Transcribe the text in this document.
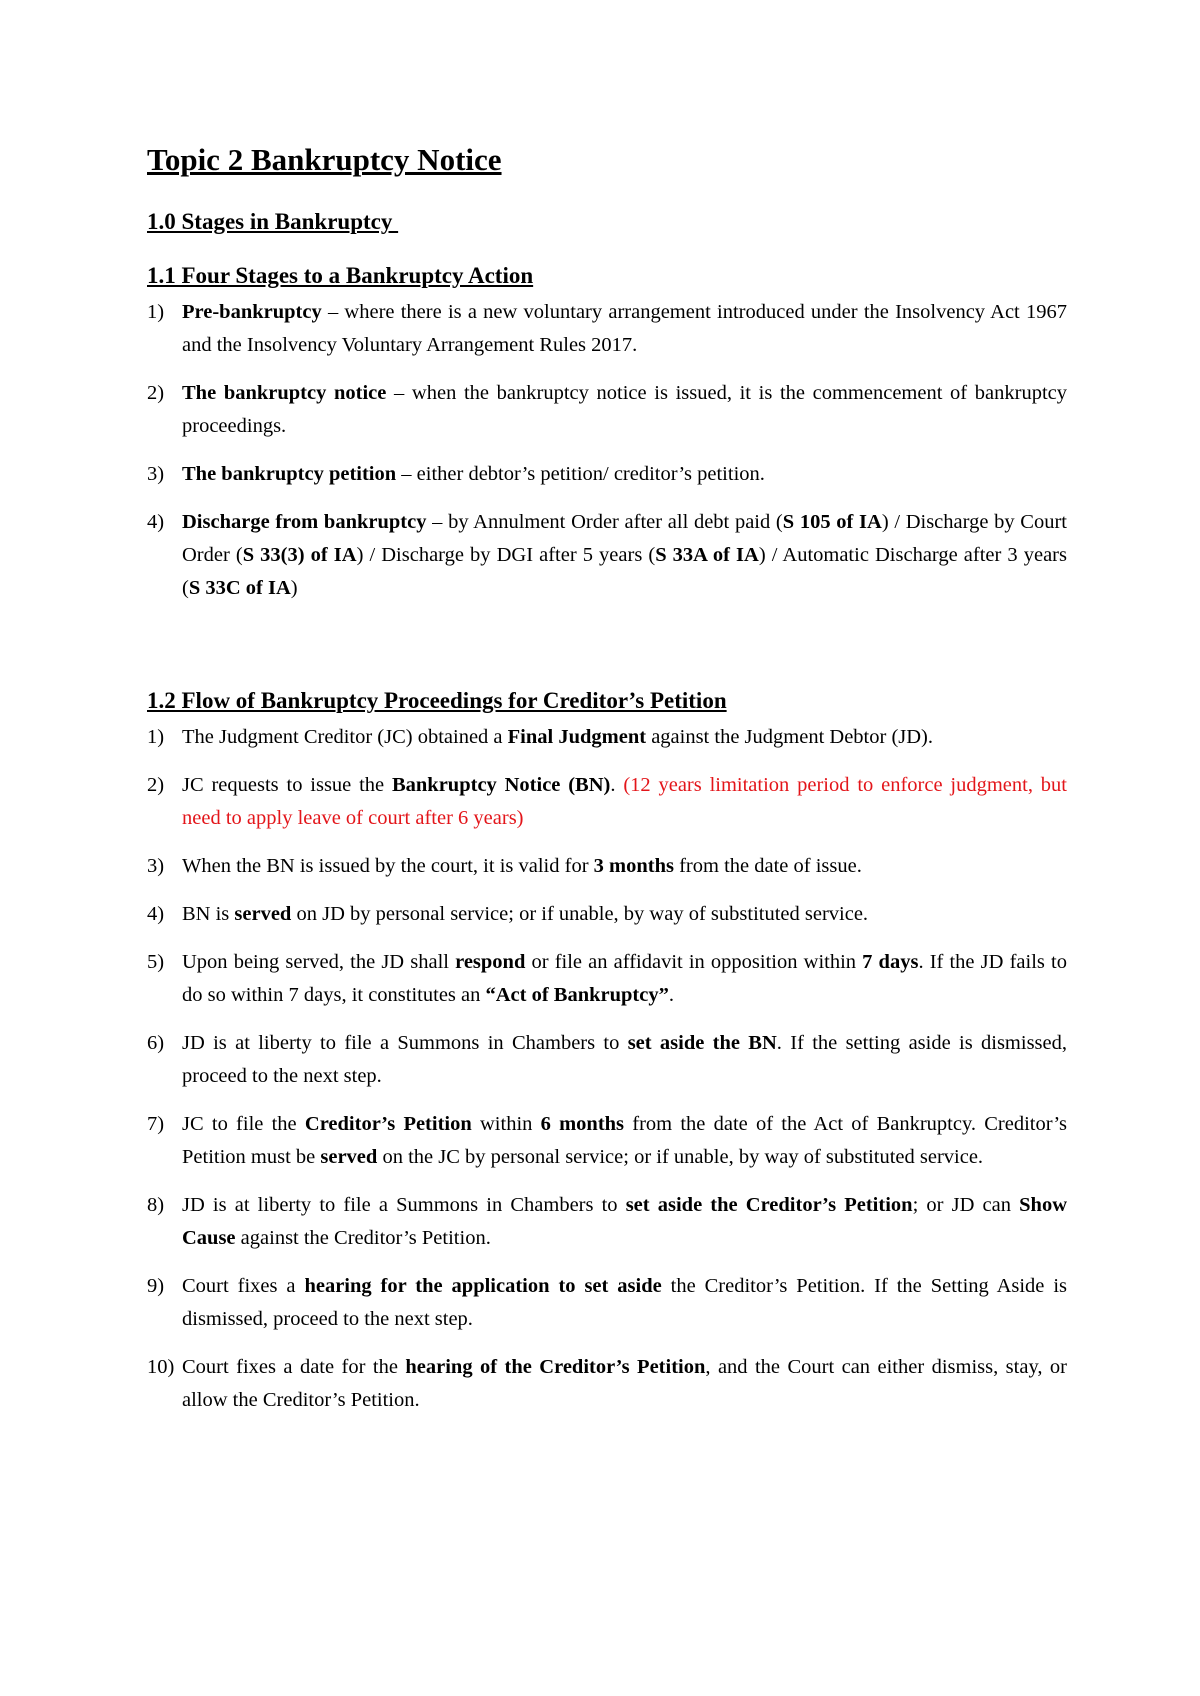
Topic 2 Bankruptcy Notice
1.0 Stages in Bankruptcy
1.1 Four Stages to a Bankruptcy Action
1) Pre-bankruptcy – where there is a new voluntary arrangement introduced under the Insolvency Act 1967 and the Insolvency Voluntary Arrangement Rules 2017.
2) The bankruptcy notice – when the bankruptcy notice is issued, it is the commencement of bankruptcy proceedings.
3) The bankruptcy petition – either debtor’s petition/ creditor’s petition.
4) Discharge from bankruptcy – by Annulment Order after all debt paid (S 105 of IA) / Discharge by Court Order (S 33(3) of IA) / Discharge by DGI after 5 years (S 33A of IA) / Automatic Discharge after 3 years (S 33C of IA)
1.2 Flow of Bankruptcy Proceedings for Creditor’s Petition
1) The Judgment Creditor (JC) obtained a Final Judgment against the Judgment Debtor (JD).
2) JC requests to issue the Bankruptcy Notice (BN). (12 years limitation period to enforce judgment, but need to apply leave of court after 6 years)
3) When the BN is issued by the court, it is valid for 3 months from the date of issue.
4) BN is served on JD by personal service; or if unable, by way of substituted service.
5) Upon being served, the JD shall respond or file an affidavit in opposition within 7 days. If the JD fails to do so within 7 days, it constitutes an “Act of Bankruptcy”.
6) JD is at liberty to file a Summons in Chambers to set aside the BN. If the setting aside is dismissed, proceed to the next step.
7) JC to file the Creditor’s Petition within 6 months from the date of the Act of Bankruptcy. Creditor’s Petition must be served on the JC by personal service; or if unable, by way of substituted service.
8) JD is at liberty to file a Summons in Chambers to set aside the Creditor’s Petition; or JD can Show Cause against the Creditor’s Petition.
9) Court fixes a hearing for the application to set aside the Creditor’s Petition. If the Setting Aside is dismissed, proceed to the next step.
10) Court fixes a date for the hearing of the Creditor’s Petition, and the Court can either dismiss, stay, or allow the Creditor’s Petition.
